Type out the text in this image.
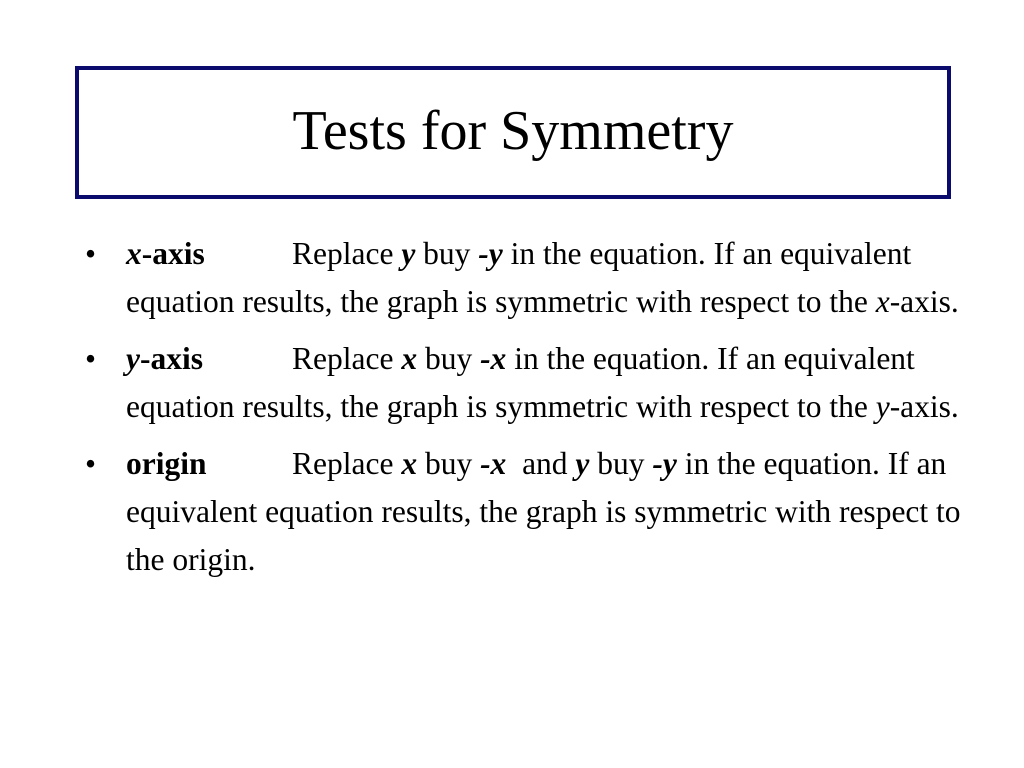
Tests for Symmetry
• x-axis	Replace y buy -y in the equation. If an equivalent equation results, the graph is symmetric with respect to the x-axis.
• y-axis	Replace x buy -x in the equation. If an equivalent equation results, the graph is symmetric with respect to the y-axis.
• origin	Replace x buy -x  and y buy -y in the equation. If an equivalent equation results, the graph is symmetric with respect to the origin.
